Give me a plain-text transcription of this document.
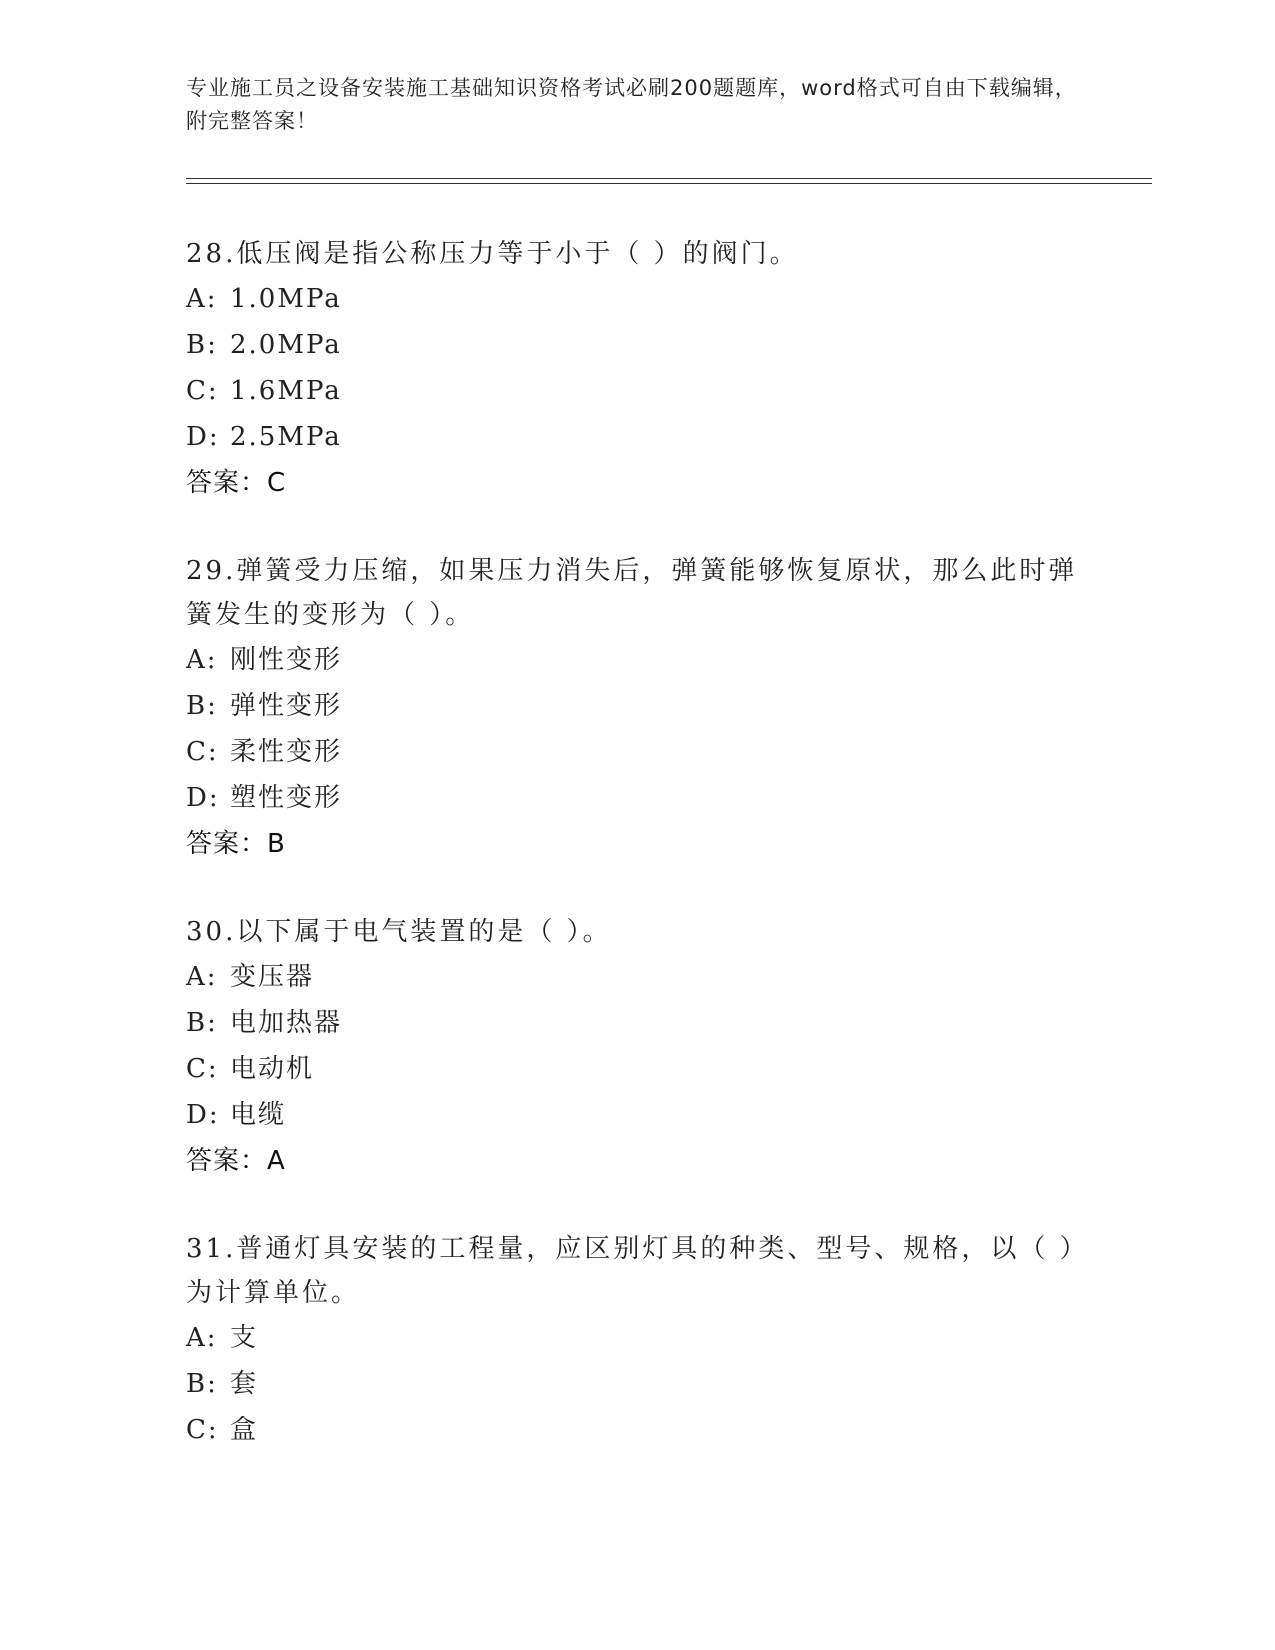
专业施工员之设备安装施工基础知识资格考试必刷200题题库，word格式可自由下载编辑，附完整答案！

28.低压阀是指公称压力等于小于（ ）的阀门。

A: 1.0MPa

B: 2.0MPa

C: 1.6MPa

D: 2.5MPa

答案：C

29.弹簧受力压缩，如果压力消失后，弹簧能够恢复原状，那么此时弹簧发生的变形为（ ）。

A: 刚性变形

B: 弹性变形

C: 柔性变形

D: 塑性变形

答案：B

30.以下属于电气装置的是（ ）。

A: 变压器

B: 电加热器

C: 电动机

D: 电缆

答案：A

31.普通灯具安装的工程量，应区别灯具的种类、型号、规格，以（ ）为计算单位。

A: 支

B: 套

C: 盒
